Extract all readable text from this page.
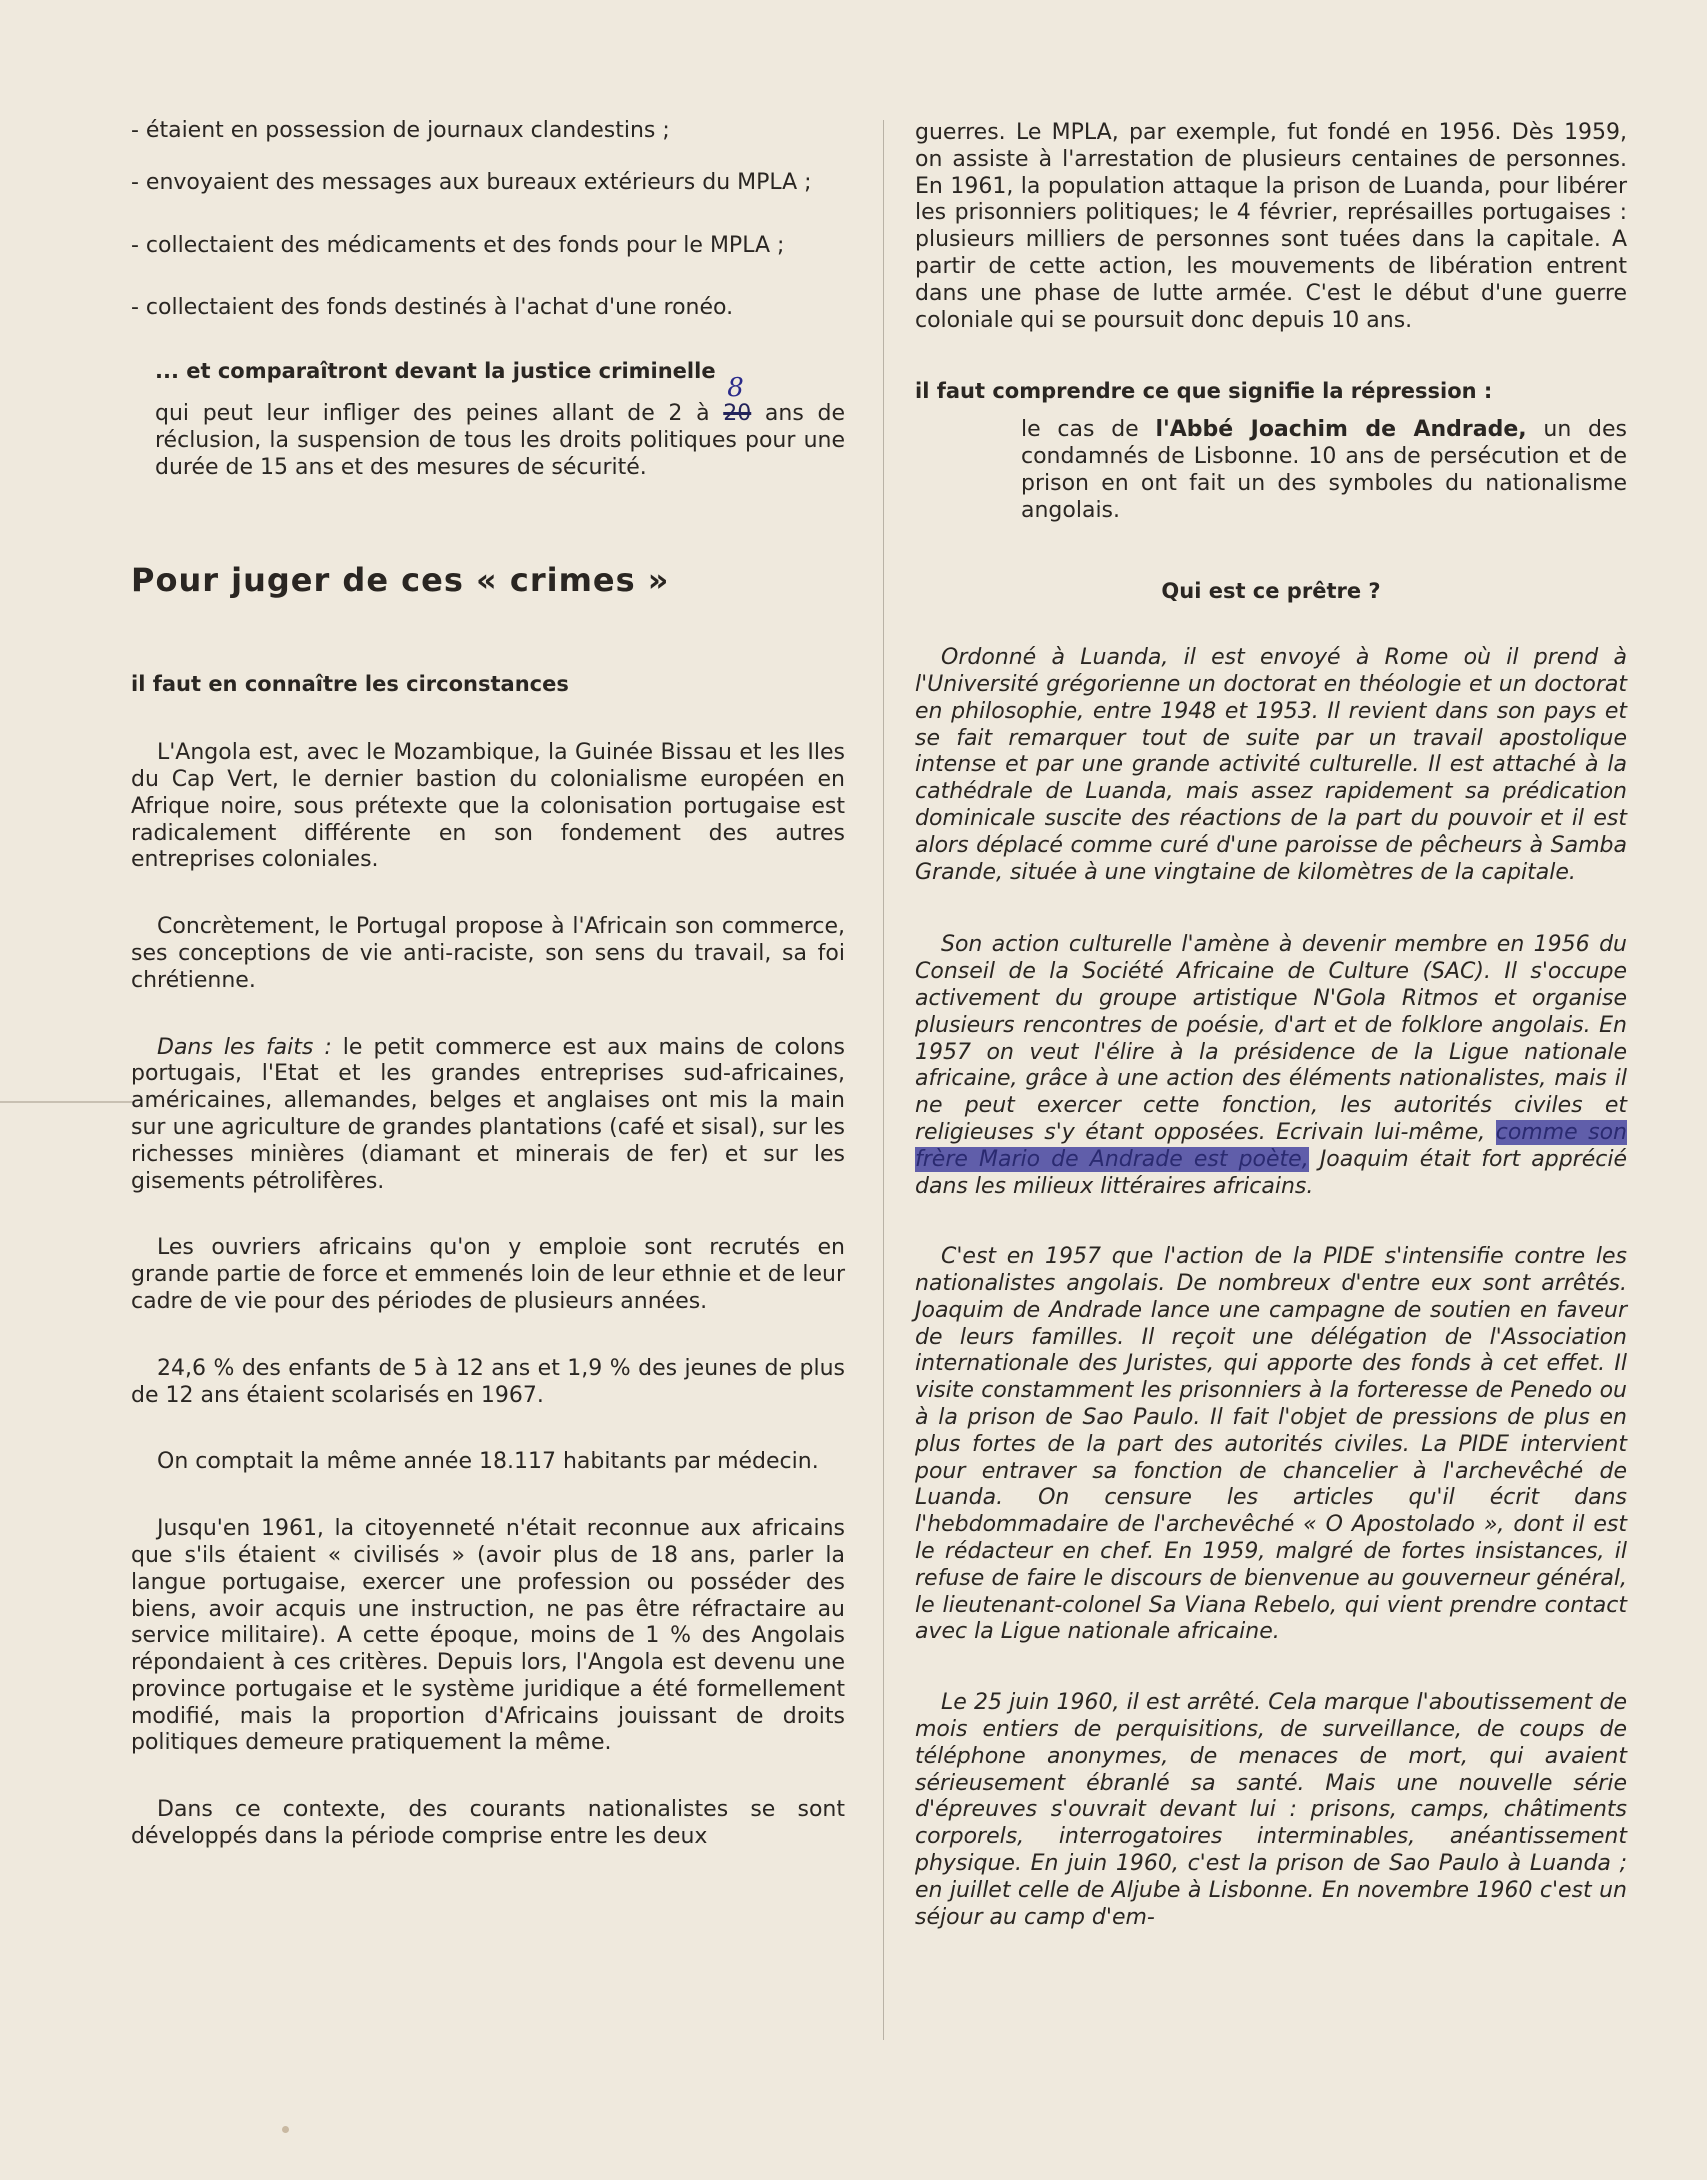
- étaient en possession de journaux clandestins ;

- envoyaient des messages aux bureaux extérieurs du MPLA ;

- collectaient des médicaments et des fonds pour le MPLA ;

- collectaient des fonds destinés à l'achat d'une ronéo.

... et comparaîtront devant la justice criminelle

qui peut leur infliger des peines allant de 2 à 20
8
ans de réclusion, la suspension de tous les droits politiques pour une durée de 15 ans et des mesures de sécurité.

Pour juger de ces « crimes »

il faut en connaître les circonstances

L'Angola est, avec le Mozambique, la Guinée Bissau et les Iles du Cap Vert, le dernier bastion du colonialisme européen en Afrique noire, sous prétexte que la colonisation portugaise est radicalement différente en son fondement des autres entreprises coloniales.

Concrètement, le Portugal propose à l'Africain son commerce, ses conceptions de vie anti-raciste, son sens du travail, sa foi chrétienne.

Dans les faits : le petit commerce est aux mains de colons portugais, l'Etat et les grandes entreprises sud-africaines, américaines, allemandes, belges et anglaises ont mis la main sur une agriculture de grandes plantations (café et sisal), sur les richesses minières (diamant et minerais de fer) et sur les gisements pétrolifères.

Les ouvriers africains qu'on y emploie sont recrutés en grande partie de force et emmenés loin de leur ethnie et de leur cadre de vie pour des périodes de plusieurs années.

24,6 % des enfants de 5 à 12 ans et 1,9 % des jeunes de plus de 12 ans étaient scolarisés en 1967.

On comptait la même année 18.117 habitants par médecin.

Jusqu'en 1961, la citoyenneté n'était reconnue aux africains que s'ils étaient « civilisés » (avoir plus de 18 ans, parler la langue portugaise, exercer une profession ou posséder des biens, avoir acquis une instruction, ne pas être réfractaire au service militaire). A cette époque, moins de 1 % des Angolais répondaient à ces critères. Depuis lors, l'Angola est devenu une province portugaise et le système juridique a été formellement modifié, mais la proportion d'Africains jouissant de droits politiques demeure pratiquement la même.

Dans ce contexte, des courants nationalistes se sont développés dans la période comprise entre les deux

guerres. Le MPLA, par exemple, fut fondé en 1956. Dès 1959, on assiste à l'arrestation de plusieurs centaines de personnes. En 1961, la population attaque la prison de Luanda, pour libérer les prisonniers politiques; le 4 février, représailles portugaises : plusieurs milliers de personnes sont tuées dans la capitale. A partir de cette action, les mouvements de libération entrent dans une phase de lutte armée. C'est le début d'une guerre coloniale qui se poursuit donc depuis 10 ans.

il faut comprendre ce que signifie la répression :

le cas de l'Abbé Joachim de Andrade, un des condamnés de Lisbonne. 10 ans de persécution et de prison en ont fait un des symboles du nationalisme angolais.

Qui est ce prêtre ?

Ordonné à Luanda, il est envoyé à Rome où il prend à l'Université grégorienne un doctorat en théologie et un doctorat en philosophie, entre 1948 et 1953. Il revient dans son pays et se fait remarquer tout de suite par un travail apostolique intense et par une grande activité culturelle. Il est attaché à la cathédrale de Luanda, mais assez rapidement sa prédication dominicale suscite des réactions de la part du pouvoir et il est alors déplacé comme curé d'une paroisse de pêcheurs à Samba Grande, située à une vingtaine de kilomètres de la capitale.

Son action culturelle l'amène à devenir membre en 1956 du Conseil de la Société Africaine de Culture (SAC). Il s'occupe activement du groupe artistique N'Gola Ritmos et organise plusieurs rencontres de poésie, d'art et de folklore angolais. En 1957 on veut l'élire à la présidence de la Ligue nationale africaine, grâce à une action des éléments nationalistes, mais il ne peut exercer cette fonction, les autorités civiles et religieuses s'y étant opposées. Ecrivain lui-même, comme son frère Mario de Andrade est poète, Joaquim était fort apprécié dans les milieux littéraires africains.

C'est en 1957 que l'action de la PIDE s'intensifie contre les nationalistes angolais. De nombreux d'entre eux sont arrêtés. Joaquim de Andrade lance une campagne de soutien en faveur de leurs familles. Il reçoit une délégation de l'Association internationale des Juristes, qui apporte des fonds à cet effet. Il visite constamment les prisonniers à la forteresse de Penedo ou à la prison de Sao Paulo. Il fait l'objet de pressions de plus en plus fortes de la part des autorités civiles. La PIDE intervient pour entraver sa fonction de chancelier à l'archevêché de Luanda. On censure les articles qu'il écrit dans l'hebdommadaire de l'archevêché « O Apostolado », dont il est le rédacteur en chef. En 1959, malgré de fortes insistances, il refuse de faire le discours de bienvenue au gouverneur général, le lieutenant-colonel Sa Viana Rebelo, qui vient prendre contact avec la Ligue nationale africaine.

Le 25 juin 1960, il est arrêté. Cela marque l'aboutissement de mois entiers de perquisitions, de surveillance, de coups de téléphone anonymes, de menaces de mort, qui avaient sérieusement ébranlé sa santé. Mais une nouvelle série d'épreuves s'ouvrait devant lui : prisons, camps, châtiments corporels, interrogatoires interminables, anéantissement physique. En juin 1960, c'est la prison de Sao Paulo à Luanda ; en juillet celle de Aljube à Lisbonne. En novembre 1960 c'est un séjour au camp d'em-
